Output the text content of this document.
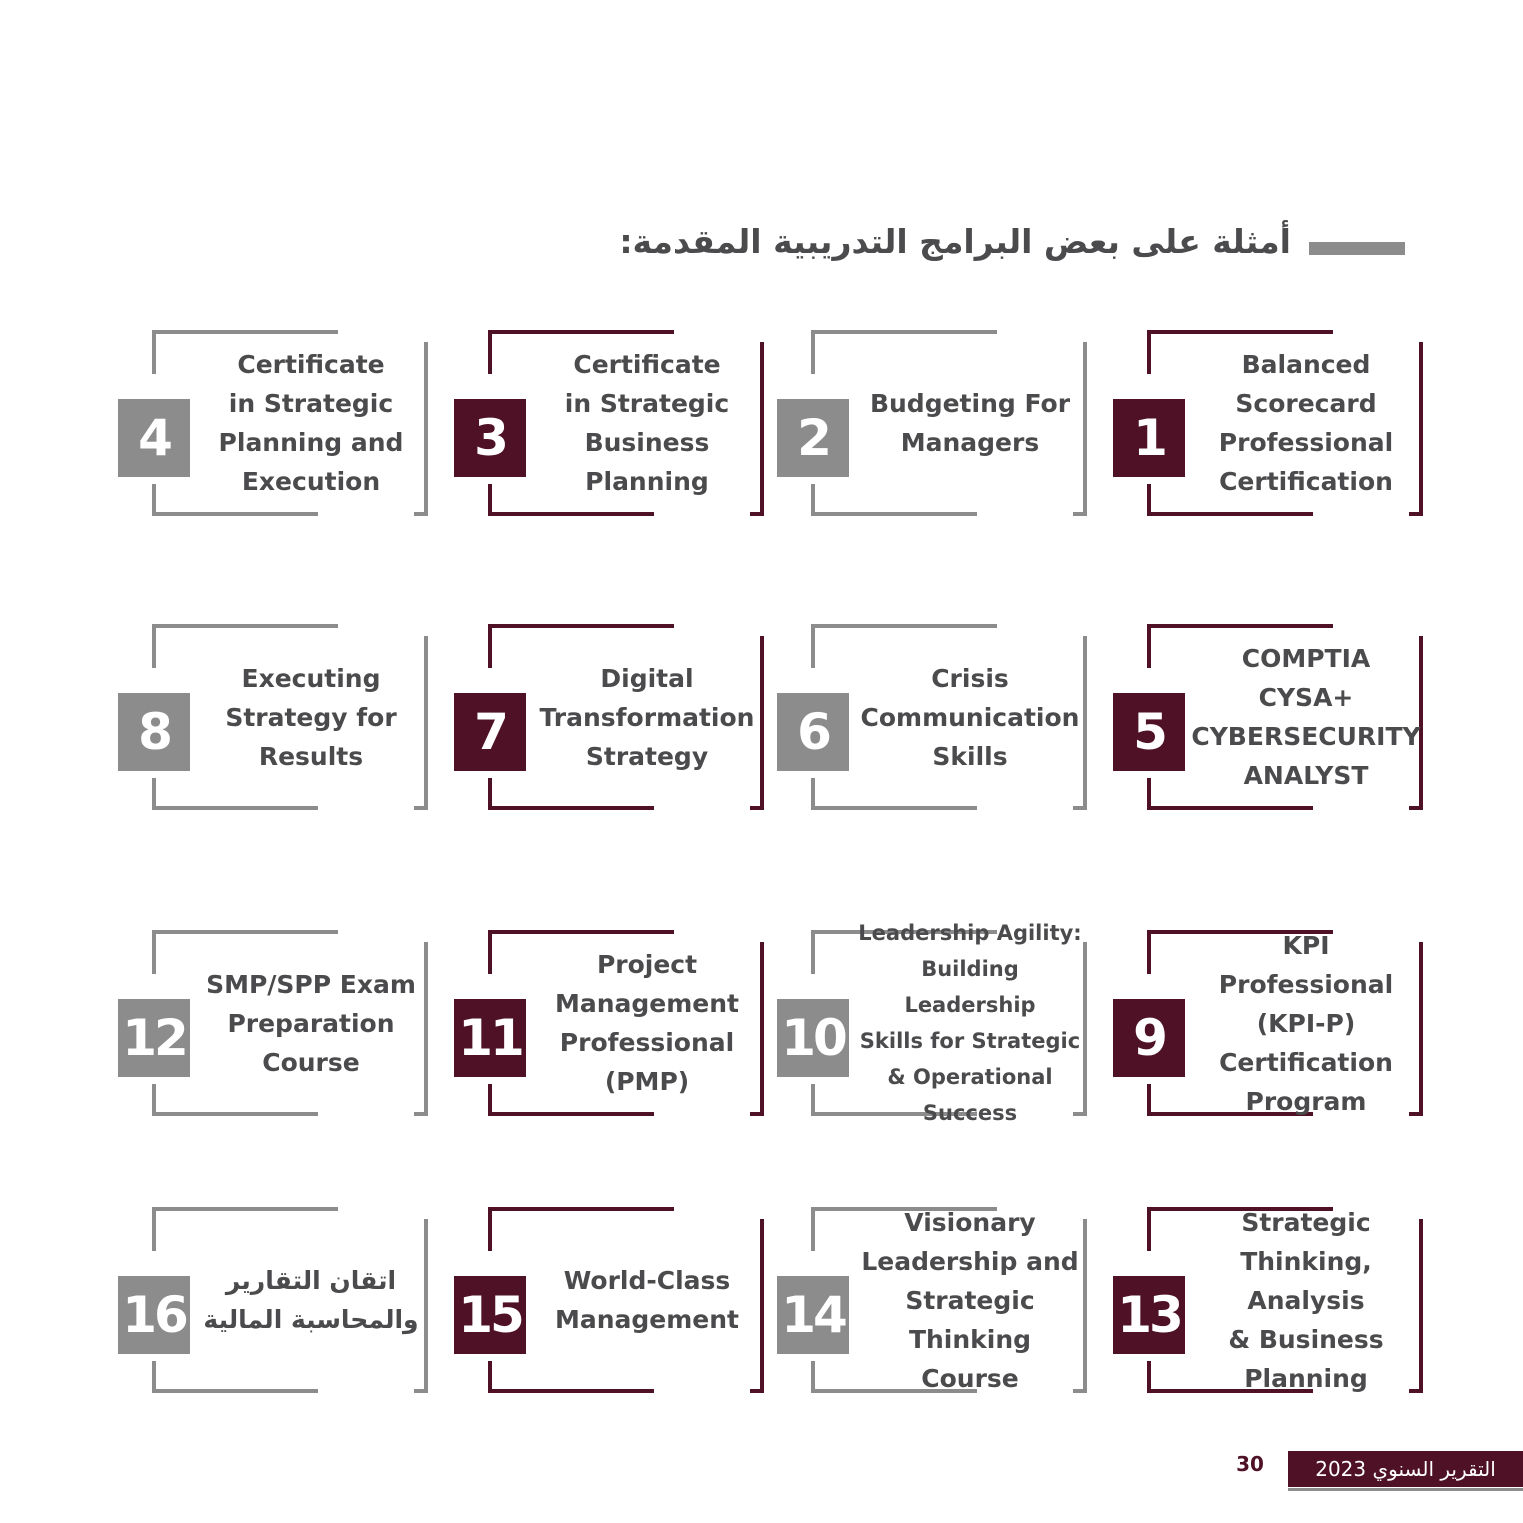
أمثلة على بعض البرامج التدريبية المقدمة:
1
Balanced
Scorecard
Professional
Certification
2
Budgeting For
Managers
3
Certificate
in Strategic
Business
Planning
4
Certificate
in Strategic
Planning and
Execution
5
COMPTIA CYSA+
CYBERSECURITY
ANALYST
6
Crisis
Communication
Skills
7
Digital
Transformation
Strategy
8
Executing
Strategy for
Results
9
KPI Professional
(KPI-P)
Certification
Program
10
Leadership Agility:
Building Leadership
Skills for Strategic
& Operational
Success
11
Project
Management
Professional
(PMP)
12
SMP/SPP Exam
Preparation
Course
13
Strategic
Thinking, Analysis
& Business
Planning
14
Visionary
Leadership and
Strategic Thinking
Course
15
World-Class
Management
16
اتقان التقارير
والمحاسبة المالية
30	التقرير السنوي 2023
